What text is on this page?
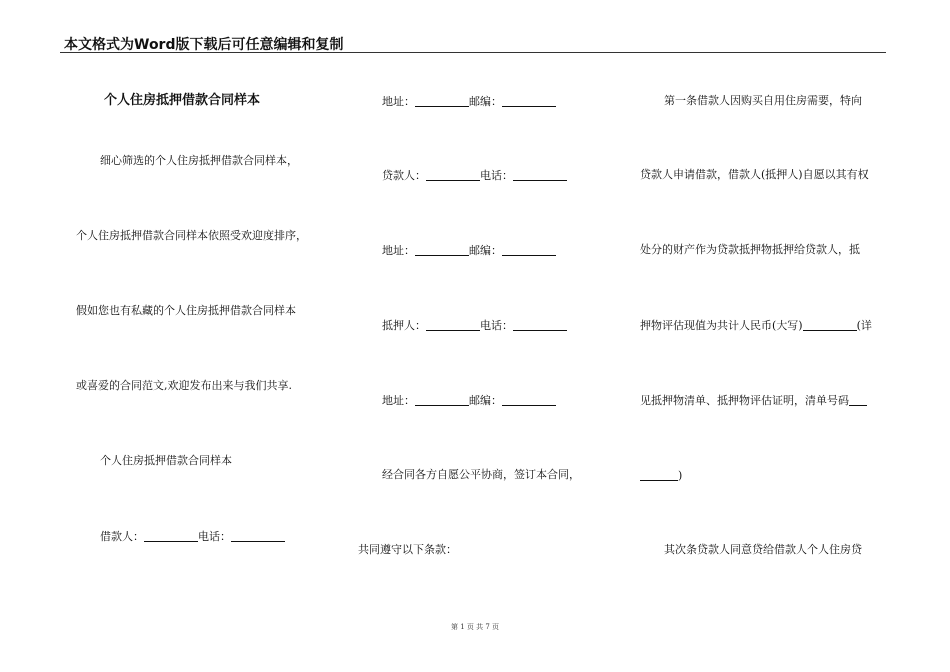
本文格式为Word版下载后可任意编辑和复制
个人住房抵押借款合同样本
细心筛选的个人住房抵押借款合同样本，
个人住房抵押借款合同样本依照受欢迎度排序，
假如您也有私藏的个人住房抵押借款合同样本
或喜爱的合同范文,欢迎发布出来与我们共享.
个人住房抵押借款合同样本
借款人：	电话：
地址：	邮编：
贷款人：	电话：
地址：	邮编：
抵押人：	电话：
地址：	邮编：
经合同各方自愿公平协商，签订本合同，
共同遵守以下条款：
第一条借款人因购买自用住房需要，特向
贷款人申请借款，借款人(抵押人)自愿以其有权
处分的财产作为贷款抵押物抵押给贷款人，抵
押物评估现值为共计人民币(大写)	(详
见抵押物清单、抵押物评估证明，清单号码
)
其次条贷款人同意贷给借款人个人住房贷
第 1 页 共 7 页
